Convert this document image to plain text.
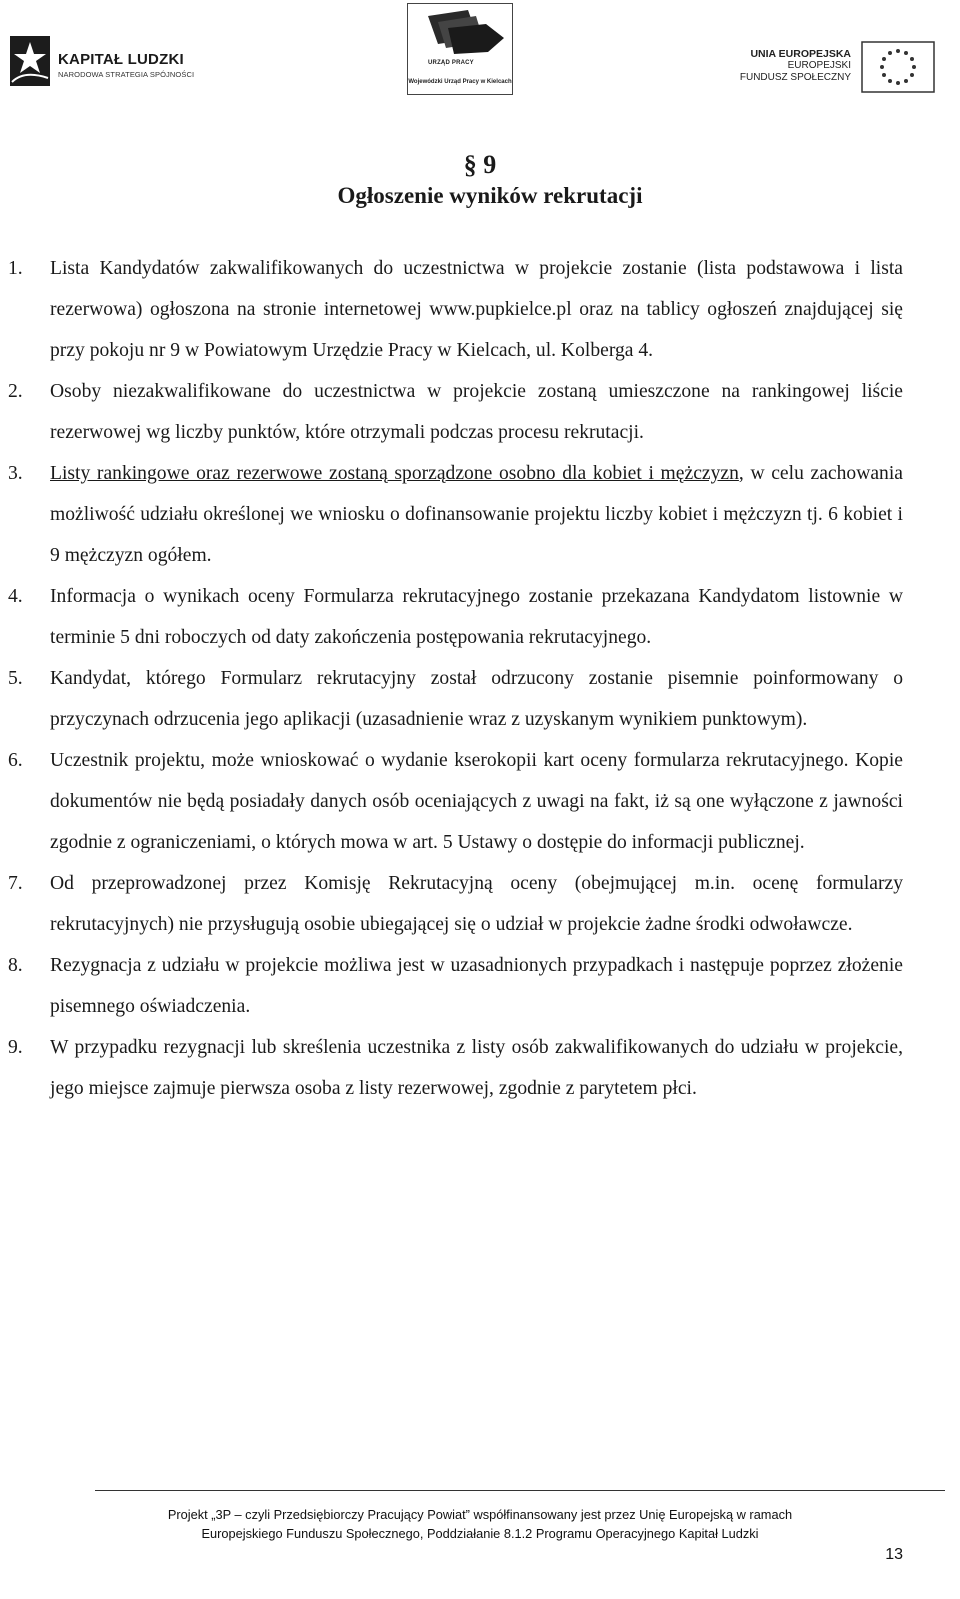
KAPITAŁ LUDZKI
NARODOWA STRATEGIA SPÓJNOŚCI
URZĄD PRACY
Wojewódzki Urząd Pracy w Kielcach
UNIA EUROPEJSKA
EUROPEJSKI
FUNDUSZ SPOŁECZNY
§ 9
Ogłoszenie wyników rekrutacji
1. Lista Kandydatów zakwalifikowanych do uczestnictwa w projekcie zostanie (lista podstawowa i lista rezerwowa) ogłoszona na stronie internetowej www.pupkielce.pl oraz na tablicy ogłoszeń znajdującej się przy pokoju nr 9 w Powiatowym Urzędzie Pracy w Kielcach, ul. Kolberga 4.
2. Osoby niezakwalifikowane do uczestnictwa w projekcie zostaną umieszczone na rankingowej liście rezerwowej wg liczby punktów, które otrzymali podczas procesu rekrutacji.
3. Listy rankingowe oraz rezerwowe zostaną sporządzone osobno dla kobiet i mężczyzn, w celu zachowania możliwość udziału określonej we wniosku o dofinansowanie projektu liczby kobiet i mężczyzn tj. 6 kobiet i 9 mężczyzn ogółem.
4. Informacja o wynikach oceny Formularza rekrutacyjnego zostanie przekazana Kandydatom listownie w terminie 5 dni roboczych od daty zakończenia postępowania rekrutacyjnego.
5. Kandydat, którego Formularz rekrutacyjny został odrzucony zostanie pisemnie poinformowany o przyczynach odrzucenia jego aplikacji (uzasadnienie wraz z uzyskanym wynikiem punktowym).
6. Uczestnik projektu, może wnioskować o wydanie kserokopii kart oceny formularza rekrutacyjnego. Kopie dokumentów nie będą posiadały danych osób oceniających z uwagi na fakt, iż są one wyłączone z jawności zgodnie z ograniczeniami, o których mowa w art. 5 Ustawy o dostępie do informacji publicznej.
7. Od przeprowadzonej przez Komisję Rekrutacyjną oceny (obejmującej m.in. ocenę formularzy rekrutacyjnych) nie przysługują osobie ubiegającej się o udział w projekcie żadne środki odwoławcze.
8. Rezygnacja z udziału w projekcie możliwa jest w uzasadnionych przypadkach i następuje poprzez złożenie pisemnego oświadczenia.
9. W przypadku rezygnacji lub skreślenia uczestnika z listy osób zakwalifikowanych do udziału w projekcie, jego miejsce zajmuje pierwsza osoba z listy rezerwowej, zgodnie z parytetem płci.
Projekt „3P – czyli Przedsiębiorczy Pracujący Powiat” współfinansowany jest przez Unię Europejską w ramach
Europejskiego Funduszu Społecznego, Poddziałanie 8.1.2 Programu Operacyjnego Kapitał Ludzki
13
